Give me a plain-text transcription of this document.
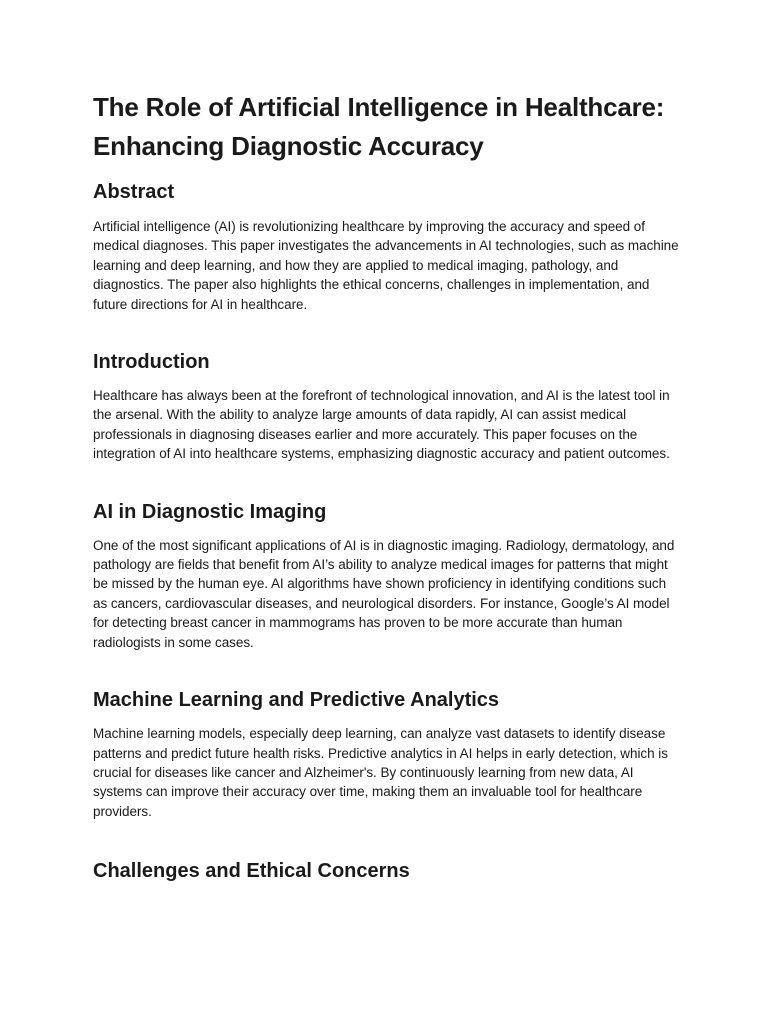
The Role of Artificial Intelligence in Healthcare: Enhancing Diagnostic Accuracy
Abstract

Artificial intelligence (AI) is revolutionizing healthcare by improving the accuracy and speed of medical diagnoses. This paper investigates the advancements in AI technologies, such as machine learning and deep learning, and how they are applied to medical imaging, pathology, and diagnostics. The paper also highlights the ethical concerns, challenges in implementation, and future directions for AI in healthcare.

Introduction

Healthcare has always been at the forefront of technological innovation, and AI is the latest tool in the arsenal. With the ability to analyze large amounts of data rapidly, AI can assist medical professionals in diagnosing diseases earlier and more accurately. This paper focuses on the integration of AI into healthcare systems, emphasizing diagnostic accuracy and patient outcomes.

AI in Diagnostic Imaging

One of the most significant applications of AI is in diagnostic imaging. Radiology, dermatology, and pathology are fields that benefit from AI’s ability to analyze medical images for patterns that might be missed by the human eye. AI algorithms have shown proficiency in identifying conditions such as cancers, cardiovascular diseases, and neurological disorders. For instance, Google’s AI model for detecting breast cancer in mammograms has proven to be more accurate than human radiologists in some cases.

Machine Learning and Predictive Analytics

Machine learning models, especially deep learning, can analyze vast datasets to identify disease patterns and predict future health risks. Predictive analytics in AI helps in early detection, which is crucial for diseases like cancer and Alzheimer's. By continuously learning from new data, AI systems can improve their accuracy over time, making them an invaluable tool for healthcare providers.

Challenges and Ethical Concerns
